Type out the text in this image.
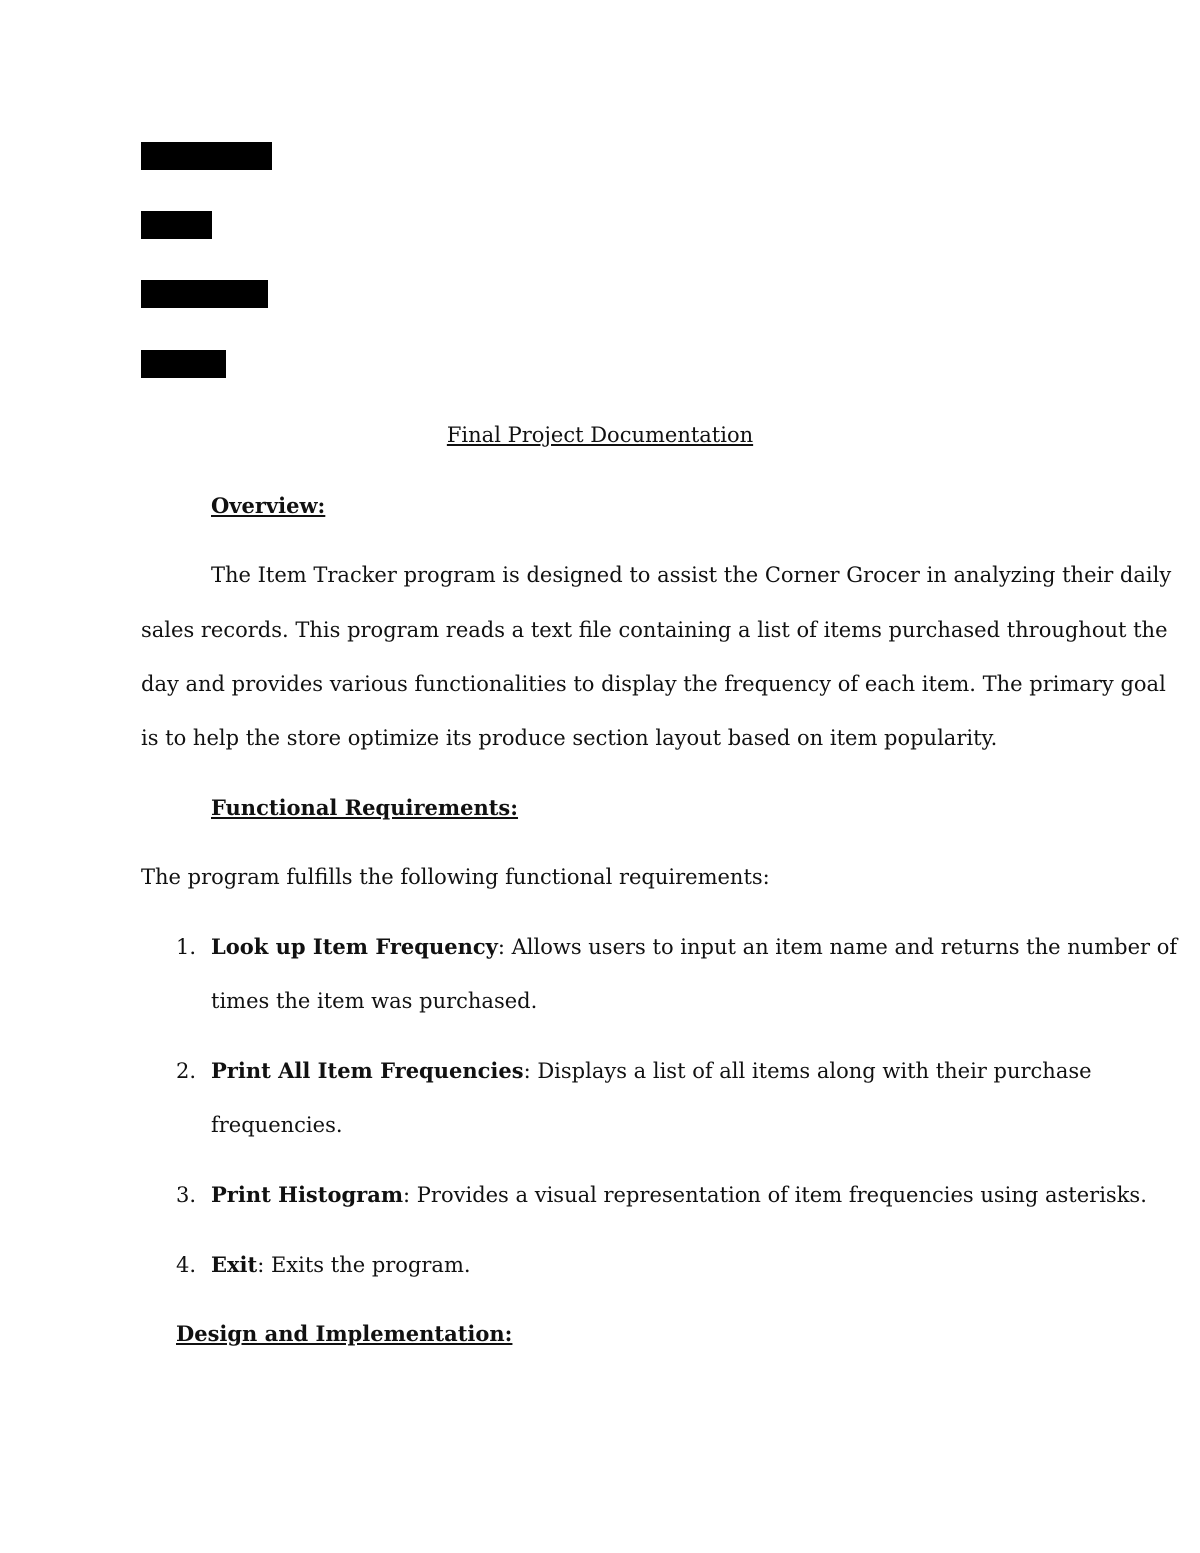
Final Project Documentation
Overview:
The Item Tracker program is designed to assist the Corner Grocer in analyzing their daily
sales records. This program reads a text file containing a list of items purchased throughout the
day and provides various functionalities to display the frequency of each item. The primary goal
is to help the store optimize its produce section layout based on item popularity.
Functional Requirements:
The program fulfills the following functional requirements:
1. Look up Item Frequency: Allows users to input an item name and returns the number of
times the item was purchased.
2. Print All Item Frequencies: Displays a list of all items along with their purchase
frequencies.
3. Print Histogram: Provides a visual representation of item frequencies using asterisks.
4. Exit: Exits the program.
Design and Implementation:
